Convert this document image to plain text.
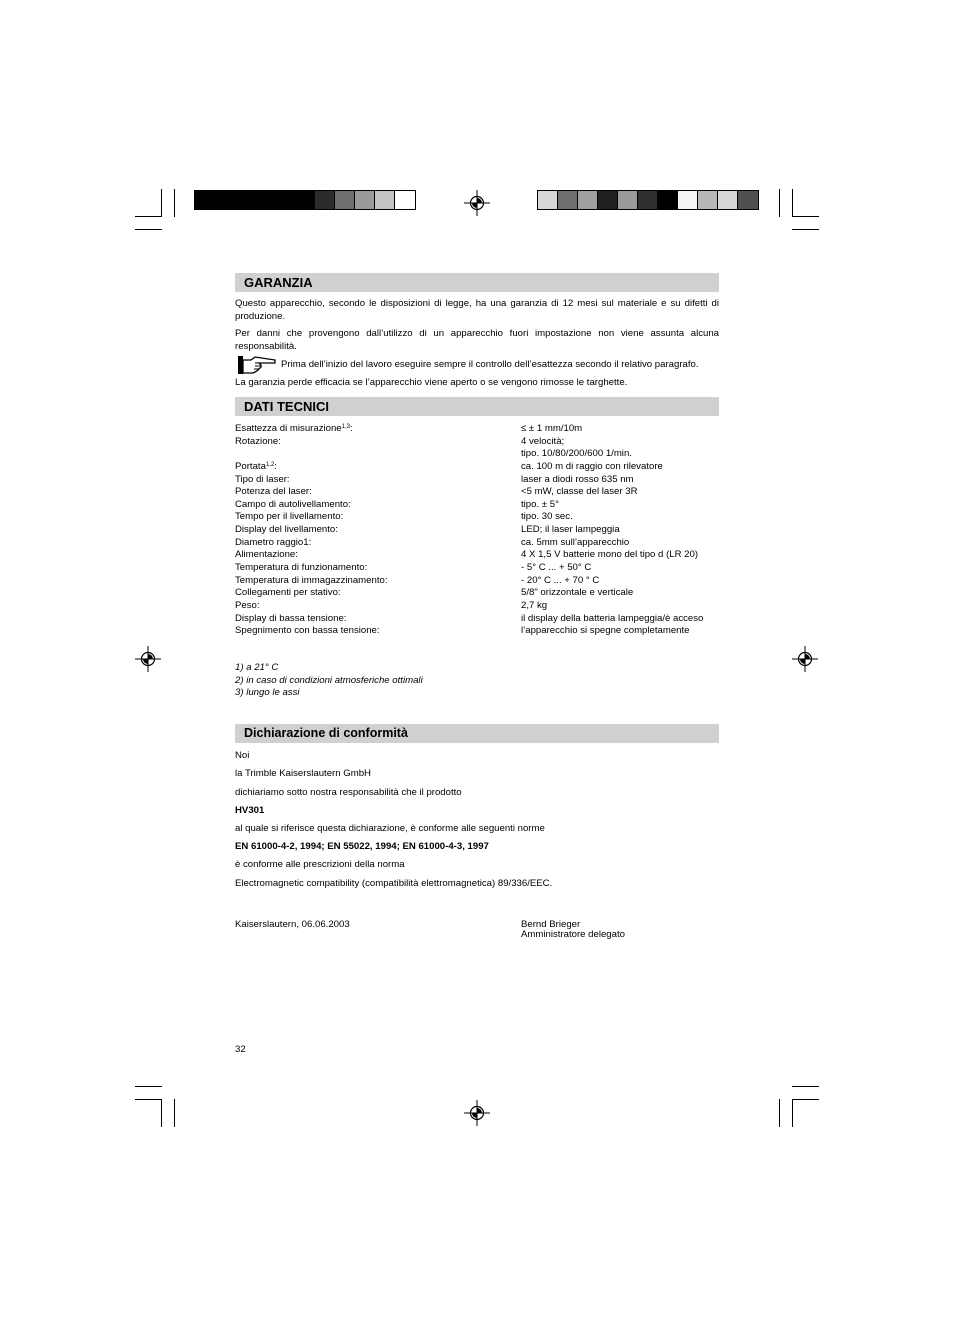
GARANZIA
Questo apparecchio, secondo le disposizioni di legge, ha una garanzia di 12 mesi sul materiale e su difetti di produzione.
Per danni che provengono dall’utilizzo di un apparecchio fuori impostazione non viene assunta alcuna responsabilità.
Prima dell’inizio del lavoro eseguire sempre il controllo dell’esattezza secondo il relativo paragrafo.
La garanzia perde efficacia se l’apparecchio viene aperto o se vengono rimosse le targhette.
DATI TECNICI
Esattezza di misurazione$^{1,3}$:
Rotazione:
Portata$^{1,2}$:
Tipo di laser:
Potenza del laser:
Campo di autolivellamento:
Tempo per il livellamento:
Display del livellamento:
Diametro raggio1:
Alimentazione:
Temperatura di funzionamento:
Temperatura di immagazzinamento:
Collegamenti per stativo:
Peso:
Display di bassa tensione:
Spegnimento con bassa tensione:
≤ ± 1 mm/10m
4 velocità;
tipo. 10/80/200/600 1/min.
ca. 100 m di raggio con rilevatore
laser a diodi rosso 635 nm
<5 mW, classe del laser 3R
tipo. ± 5°
tipo. 30 sec.
LED; il laser lampeggia
ca. 5mm sull’apparecchio
4 X 1,5 V batterie mono del tipo d (LR 20)
- 5° C ... + 50° C
- 20° C ... + 70 ° C
5/8" orizzontale e verticale
2,7 kg
il display della batteria lampeggia/è acceso
l’apparecchio si spegne completamente
1) a 21° C
2) in caso di condizioni atmosferiche ottimali
3) lungo le assi
Dichiarazione di conformità
Noi
la Trimble Kaiserslautern GmbH
dichiariamo sotto nostra responsabilità che il prodotto
HV301
al quale si riferisce questa dichiarazione, è conforme alle seguenti norme
EN 61000-4-2, 1994; EN 55022, 1994; EN 61000-4-3, 1997
è conforme alle prescrizioni della norma
Electromagnetic compatibility (compatibilità elettromagnetica) 89/336/EEC.
Kaiserslautern, 06.06.2003	Bernd Brieger
Amministratore delegato
32
